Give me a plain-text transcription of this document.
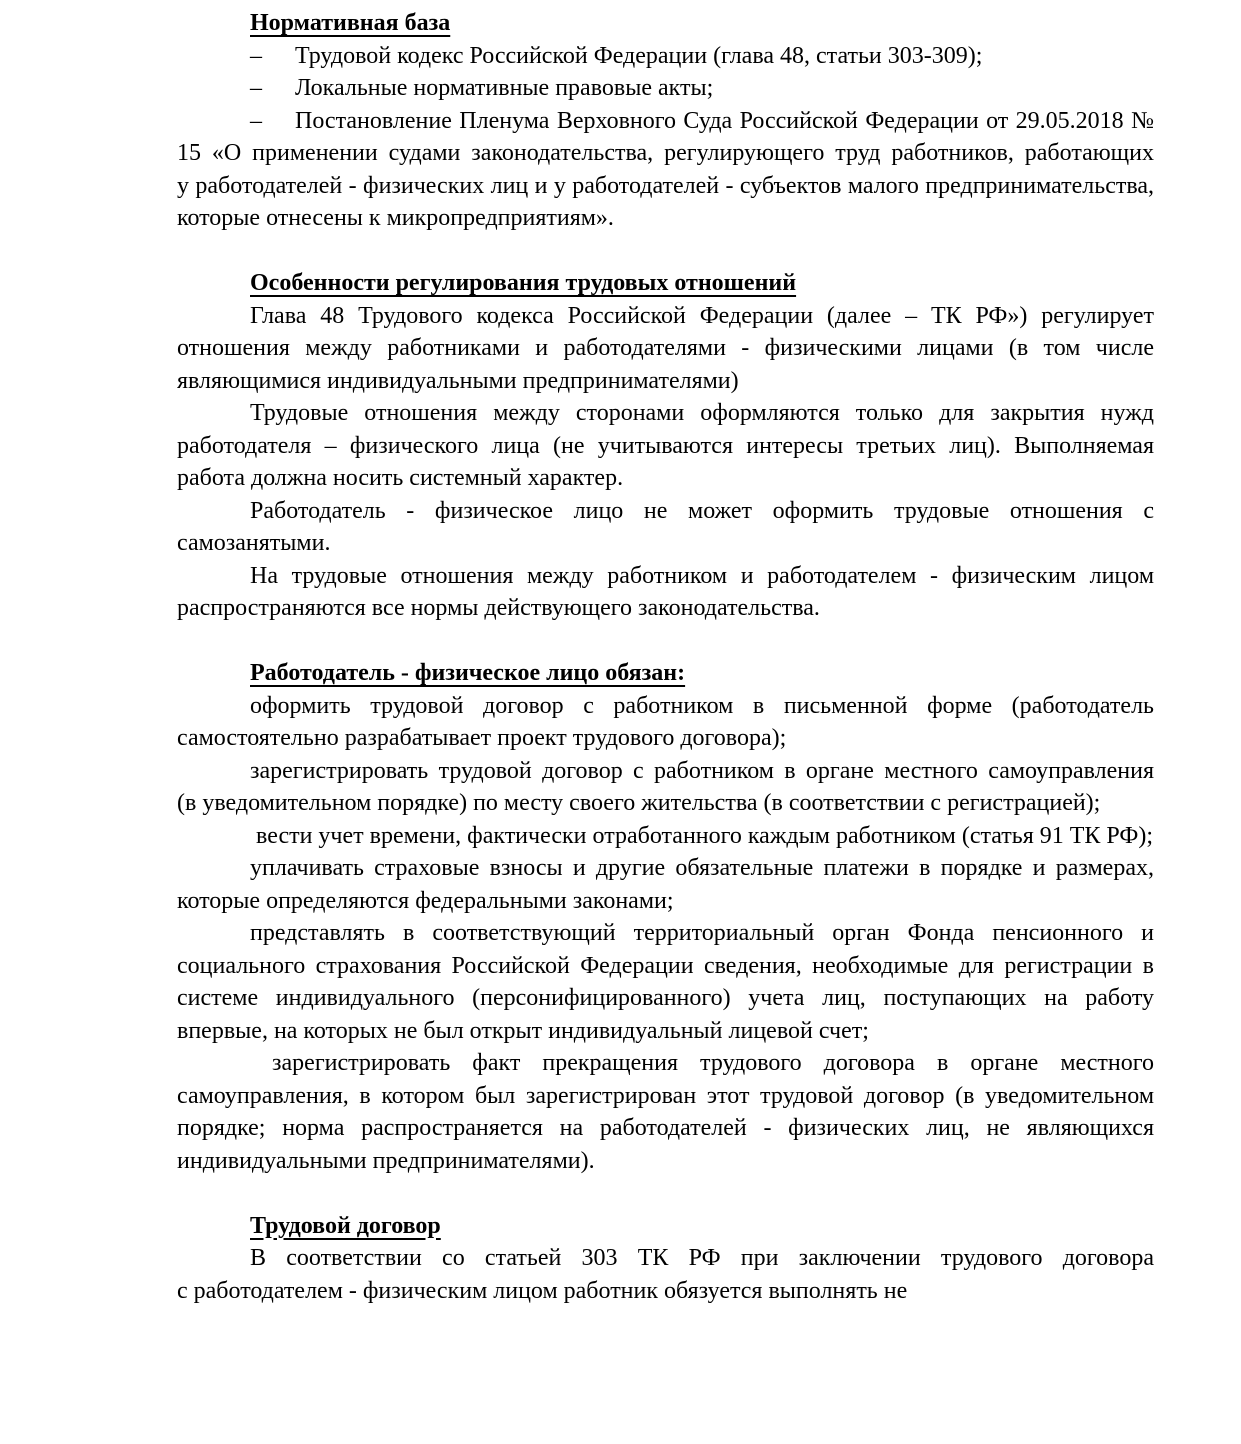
Нормативная база

– Трудовой кодекс Российской Федерации (глава 48, статьи 303-309);

– Локальные нормативные правовые акты;

– Постановление Пленума Верховного Суда Российской Федерации от 29.05.2018 № 15 «О применении судами законодательства, регулирующего труд работников, работающих у работодателей - физических лиц и у работодателей - субъектов малого предпринимательства, которые отнесены к микропредприятиям».

Особенности регулирования трудовых отношений

Глава 48 Трудового кодекса Российской Федерации (далее – ТК РФ») регулирует отношения между работниками и работодателями - физическими лицами (в том числе являющимися индивидуальными предпринимателями)

Трудовые отношения между сторонами оформляются только для закрытия нужд работодателя – физического лица (не учитываются интересы третьих лиц). Выполняемая работа должна носить системный характер.

Работодатель - физическое лицо не может оформить трудовые отношения с самозанятыми.

На трудовые отношения между работником и работодателем - физическим лицом распространяются все нормы действующего законодательства.

Работодатель - физическое лицо обязан:

оформить трудовой договор с работником в письменной форме (работодатель самостоятельно разрабатывает проект трудового договора);

зарегистрировать трудовой договор с работником в органе местного самоуправления (в уведомительном порядке) по месту своего жительства (в соответствии с регистрацией);

вести учет времени, фактически отработанного каждым работником (статья 91 ТК РФ);

уплачивать страховые взносы и другие обязательные платежи в порядке и размерах, которые определяются федеральными законами;

представлять в соответствующий территориальный орган Фонда пенсионного и социального страхования Российской Федерации сведения, необходимые для регистрации в системе индивидуального (персонифицированного) учета лиц, поступающих на работу впервые, на которых не был открыт индивидуальный лицевой счет;

зарегистрировать факт прекращения трудового договора в органе местного самоуправления, в котором был зарегистрирован этот трудовой договор (в уведомительном порядке; норма распространяется на работодателей - физических лиц, не являющихся индивидуальными предпринимателями).

Трудовой договор

В соответствии со статьей 303 ТК РФ при заключении трудового договора с работодателем - физическим лицом работник обязуется выполнять не
